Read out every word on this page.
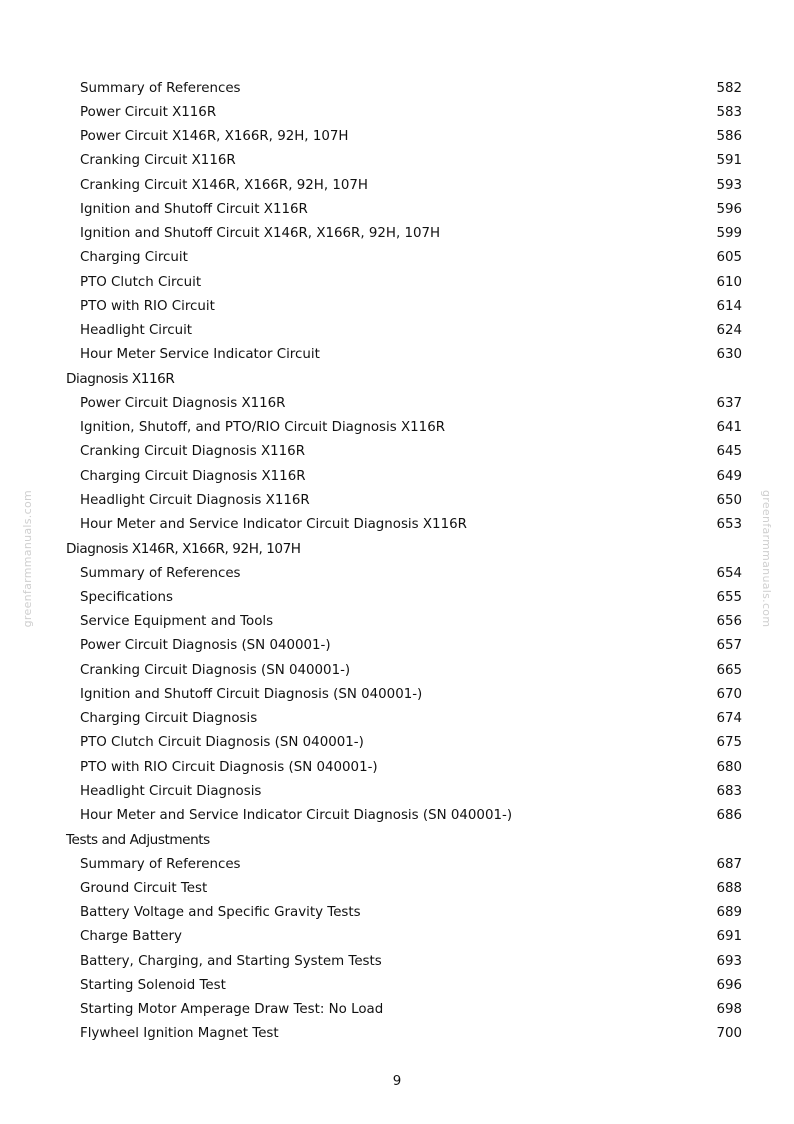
Summary of References	582
Power Circuit X116R	583
Power Circuit X146R, X166R, 92H, 107H	586
Cranking Circuit X116R	591
Cranking Circuit X146R, X166R, 92H, 107H	593
Ignition and Shutoff Circuit X116R	596
Ignition and Shutoff Circuit X146R, X166R, 92H, 107H	599
Charging Circuit	605
PTO Clutch Circuit	610
PTO with RIO Circuit	614
Headlight Circuit	624
Hour Meter Service Indicator Circuit	630
Diagnosis X116R
Power Circuit Diagnosis X116R	637
Ignition, Shutoff, and PTO/RIO Circuit Diagnosis X116R	641
Cranking Circuit Diagnosis X116R	645
Charging Circuit Diagnosis X116R	649
Headlight Circuit Diagnosis X116R	650
Hour Meter and Service Indicator Circuit Diagnosis X116R	653
Diagnosis X146R, X166R, 92H, 107H
Summary of References	654
Specifications	655
Service Equipment and Tools	656
Power Circuit Diagnosis (SN 040001-)	657
Cranking Circuit Diagnosis (SN 040001-)	665
Ignition and Shutoff Circuit Diagnosis (SN 040001-)	670
Charging Circuit Diagnosis	674
PTO Clutch Circuit Diagnosis (SN 040001-)	675
PTO with RIO Circuit Diagnosis (SN 040001-)	680
Headlight Circuit Diagnosis	683
Hour Meter and Service Indicator Circuit Diagnosis (SN 040001-)	686
Tests and Adjustments
Summary of References	687
Ground Circuit Test	688
Battery Voltage and Specific Gravity Tests	689
Charge Battery	691
Battery, Charging, and Starting System Tests	693
Starting Solenoid Test	696
Starting Motor Amperage Draw Test: No Load	698
Flywheel Ignition Magnet Test	700
9
greenfarmmanuals.com	greenfarmmanuals.com
